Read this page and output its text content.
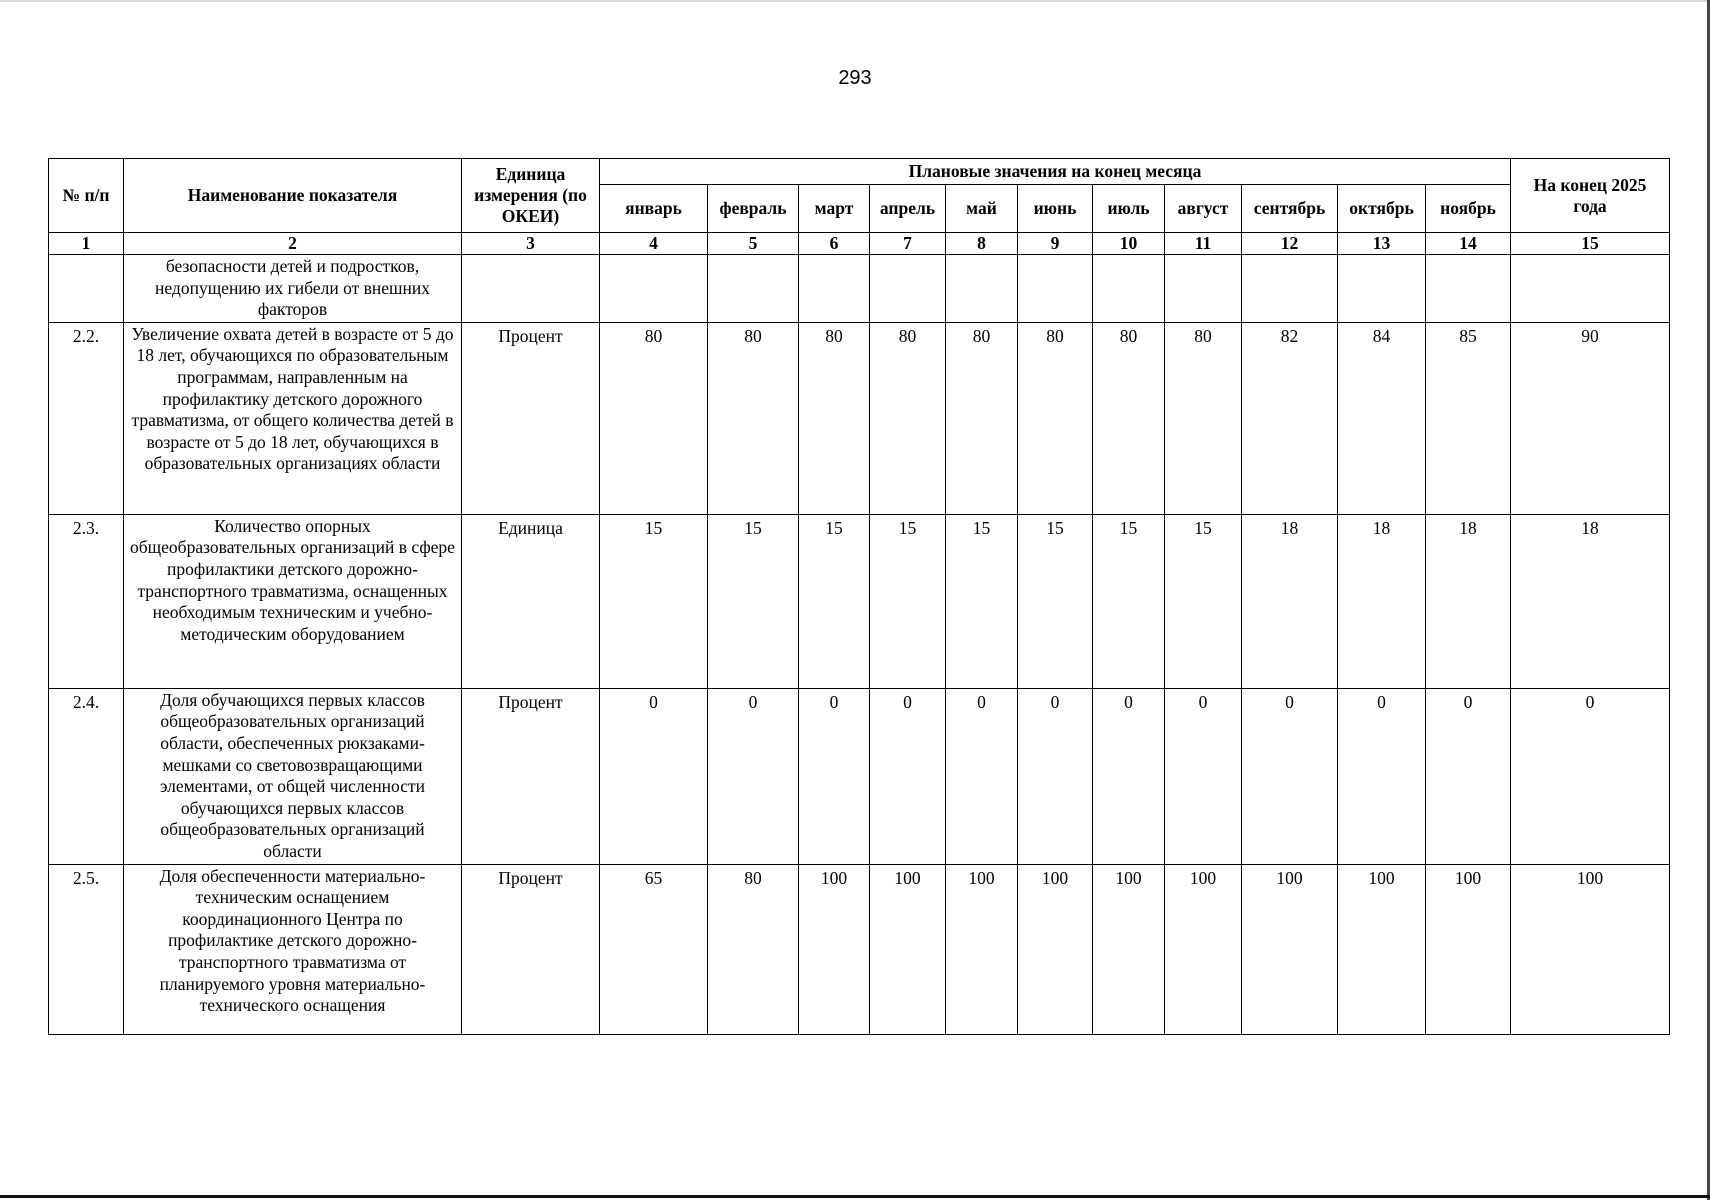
293
№ п/п	Наименование показателя	Единица измерения (по ОКЕИ)	Плановые значения на конец месяца											На конец 2025 года
			январь	февраль	март	апрель	май	июнь	июль	август	сентябрь	октябрь	ноябрь	
1	2	3	4	5	6	7	8	9	10	11	12	13	14	15
	безопасности детей и подростков, недопущению их гибели от внешних факторов													
2.2.	Увеличение охвата детей в возрасте от 5 до 18 лет, обучающихся по образовательным программам, направленным на профилактику детского дорожного травматизма, от общего количества детей в возрасте от 5 до 18 лет, обучающихся в образовательных организациях области	Процент	80	80	80	80	80	80	80	80	82	84	85	90
2.3.	Количество опорных общеобразовательных организаций в сфере профилактики детского дорожно-транспортного травматизма, оснащенных необходимым техническим и учебно-методическим оборудованием	Единица	15	15	15	15	15	15	15	15	18	18	18	18
2.4.	Доля обучающихся первых классов общеобразовательных организаций области, обеспеченных рюкзаками-мешками со световозвращающими элементами, от общей численности обучающихся первых классов общеобразовательных организаций области	Процент	0	0	0	0	0	0	0	0	0	0	0	0
2.5.	Доля обеспеченности материально-техническим оснащением координационного Центра по профилактике детского дорожно-транспортного травматизма от планируемого уровня материально-технического оснащения	Процент	65	80	100	100	100	100	100	100	100	100	100	100
